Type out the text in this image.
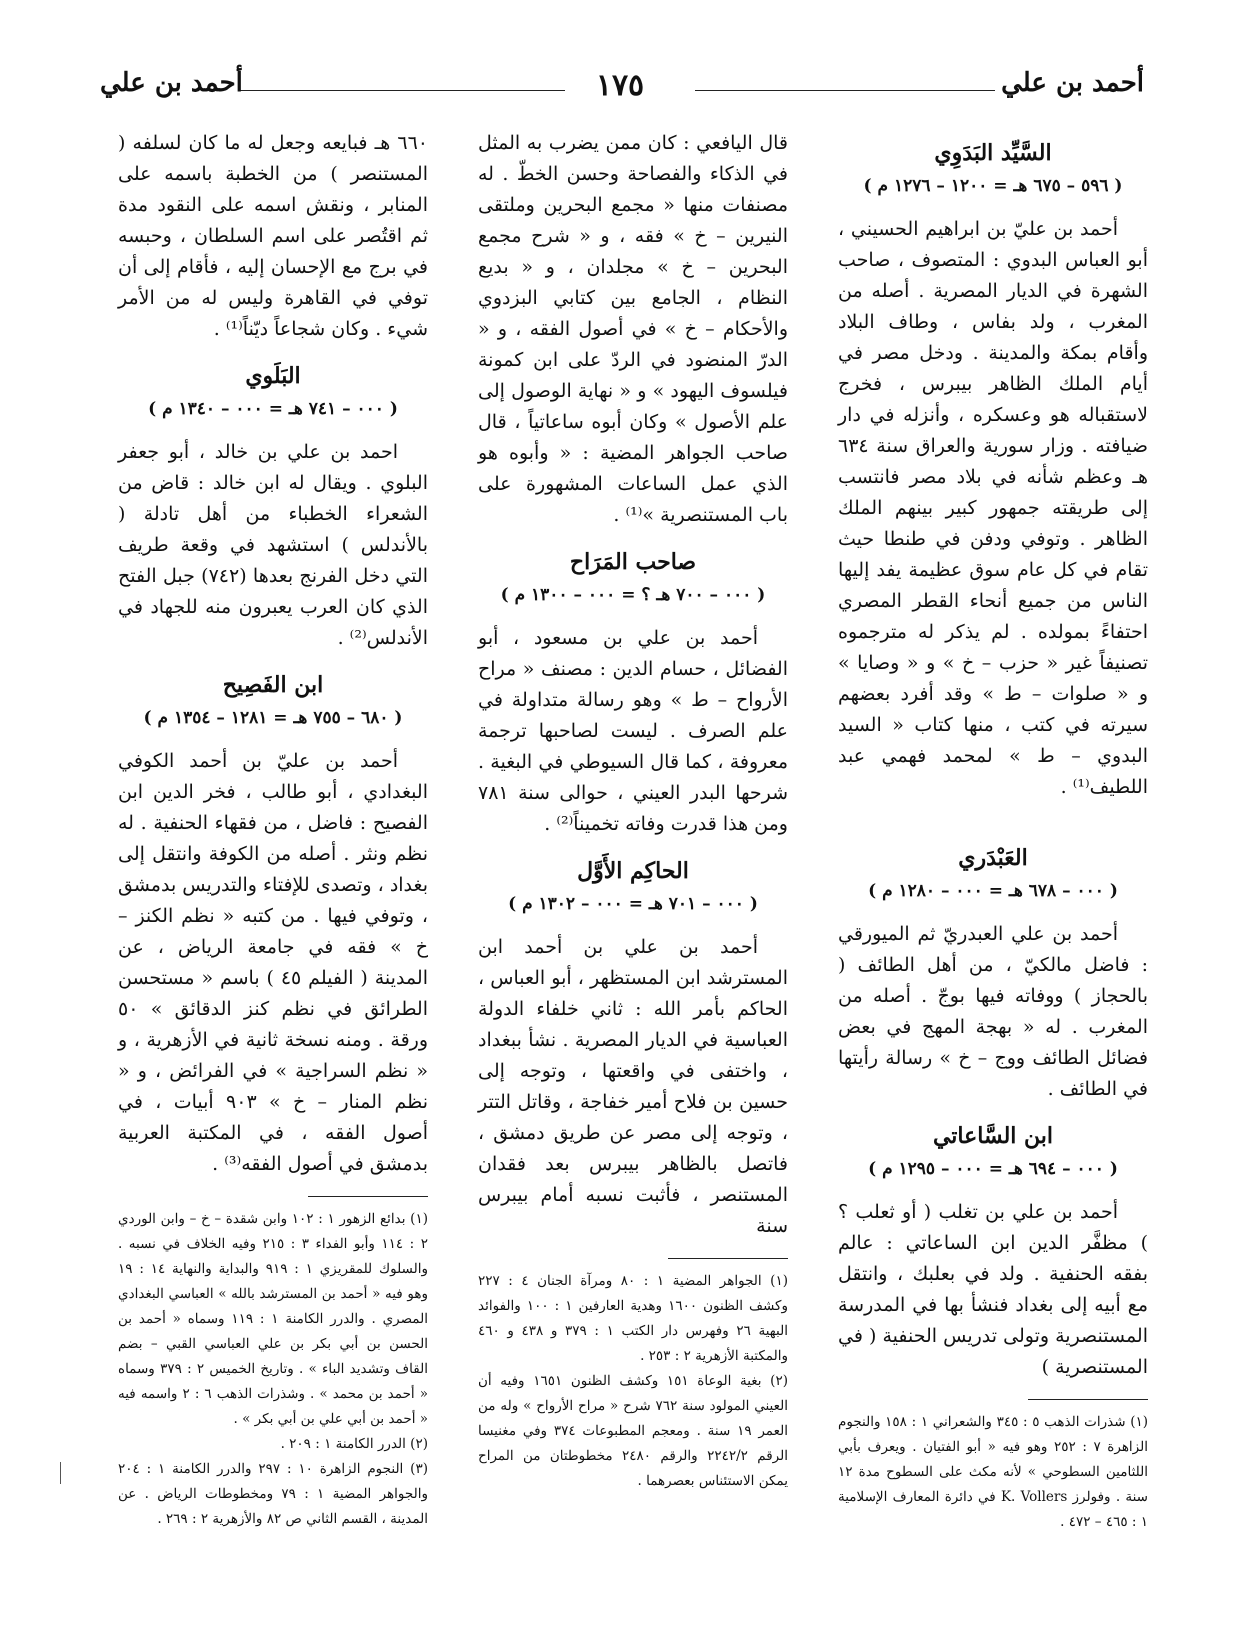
أحمد بن علي
١٧٥
أحمد بن علي
السَّيِّد البَدَوِي
( ٥٩٦ – ٦٧٥ هـ = ١٢٠٠ – ١٢٧٦ م )

أحمد بن عليّ بن ابراهيم الحسيني ، أبو العباس البدوي : المتصوف ، صاحب الشهرة في الديار المصرية . أصله من المغرب ، ولد بفاس ، وطاف البلاد وأقام بمكة والمدينة . ودخل مصر في أيام الملك الظاهر بيبرس ، فخرج لاستقباله هو وعسكره ، وأنزله في دار ضيافته . وزار سورية والعراق سنة ٦٣٤ هـ وعظم شأنه في بلاد مصر فانتسب إلى طريقته جمهور كبير بينهم الملك الظاهر . وتوفي ودفن في طنطا حيث تقام في كل عام سوق عظيمة يفد إليها الناس من جميع أنحاء القطر المصري احتفاءً بمولده . لم يذكر له مترجموه تصنيفاً غير « حزب – خ » و « وصايا » و « صلوات – ط » وقد أفرد بعضهم سيرته في كتب ، منها كتاب « السيد البدوي – ط » لمحمد فهمي عبد اللطيف⁽¹⁾ .

العَبْدَري
( ٠٠٠ – ٦٧٨ هـ = ٠٠٠ – ١٢٨٠ م )

أحمد بن علي العبدريّ ثم الميورقي : فاضل مالكيّ ، من أهل الطائف ( بالحجاز ) ووفاته فيها بوجّ . أصله من المغرب . له « بهجة المهج في بعض فضائل الطائف ووج – خ » رسالة رأيتها في الطائف .

ابن السَّاعاتي
( ٠٠٠ – ٦٩٤ هـ = ٠٠٠ – ١٢٩٥ م )

أحمد بن علي بن تغلب ( أو ثعلب ؟ ) مظفَّر الدين ابن الساعاتي : عالم بفقه الحنفية . ولد في بعلبك ، وانتقل مع أبيه إلى بغداد فنشأ بها في المدرسة المستنصرية وتولى تدريس الحنفية ( في المستنصرية )

(١) شذرات الذهب ٥ : ٣٤٥ والشعراني ١ : ١٥٨ والنجوم الزاهرة ٧ : ٢٥٢ وهو فيه « أبو الفتيان . ويعرف بأبي اللثامين السطوحي » لأنه مكث على السطوح مدة ١٢ سنة . وفولرز K. Vollers في دائرة المعارف الإسلامية ١ : ٤٦٥ – ٤٧٢ .

قال اليافعي : كان ممن يضرب به المثل في الذكاء والفصاحة وحسن الخطّ . له مصنفات منها « مجمع البحرين وملتقى النيرين – خ » فقه ، و « شرح مجمع البحرين – خ » مجلدان ، و « بديع النظام ، الجامع بين كتابي البزدوي والأحكام – خ » في أصول الفقه ، و « الدرّ المنضود في الردّ على ابن كمونة فيلسوف اليهود » و « نهاية الوصول إلى علم الأصول » وكان أبوه ساعاتياً ، قال صاحب الجواهر المضية : « وأبوه هو الذي عمل الساعات المشهورة على باب المستنصرية »⁽¹⁾ .

صاحب المَرَاح
( ٠٠٠ – ٧٠٠ هـ ؟ = ٠٠٠ – ١٣٠٠ م )

أحمد بن علي بن مسعود ، أبو الفضائل ، حسام الدين : مصنف « مراح الأرواح – ط » وهو رسالة متداولة في علم الصرف . ليست لصاحبها ترجمة معروفة ، كما قال السيوطي في البغية . شرحها البدر العيني ، حوالى سنة ٧٨١ ومن هذا قدرت وفاته تخميناً⁽²⁾ .

الحاكِم الأَوَّل
( ٠٠٠ – ٧٠١ هـ = ٠٠٠ – ١٣٠٢ م )

أحمد بن علي بن أحمد ابن المسترشد ابن المستظهر ، أبو العباس ، الحاكم بأمر الله : ثاني خلفاء الدولة العباسية في الديار المصرية . نشأ ببغداد ، واختفى في واقعتها ، وتوجه إلى حسين بن فلاح أمير خفاجة ، وقاتل التتر ، وتوجه إلى مصر عن طريق دمشق ، فاتصل بالظاهر بيبرس بعد فقدان المستنصر ، فأثبت نسبه أمام بيبرس سنة

(١) الجواهر المضية ١ : ٨٠ ومرآة الجنان ٤ : ٢٢٧ وكشف الظنون ١٦٠٠ وهدية العارفين ١ : ١٠٠ والفوائد البهية ٢٦ وفهرس دار الكتب ١ : ٣٧٩ و ٤٣٨ و ٤٦٠ والمكتبة الأزهرية ٢ : ٢٥٣ .

(٢) بغية الوعاة ١٥١ وكشف الظنون ١٦٥١ وفيه أن العيني المولود سنة ٧٦٢ شرح « مراح الأرواح » وله من العمر ١٩ سنة . ومعجم المطبوعات ٣٧٤ وفي مغنيسا الرقم ٢٢٤٢/٢ والرقم ٢٤٨٠ مخطوطتان من المراح يمكن الاستئناس بعصرهما .

٦٦٠ هـ فبايعه وجعل له ما كان لسلفه ( المستنصر ) من الخطبة باسمه على المنابر ، ونقش اسمه على النقود مدة ثم اقتُصر على اسم السلطان ، وحبسه في برج مع الإحسان إليه ، فأقام إلى أن توفي في القاهرة وليس له من الأمر شيء . وكان شجاعاً ديّناً⁽¹⁾ .

البَلَوي
( ٠٠٠ – ٧٤١ هـ = ٠٠٠ – ١٣٤٠ م )

احمد بن علي بن خالد ، أبو جعفر البلوي . ويقال له ابن خالد : قاض من الشعراء الخطباء من أهل تادلة ( بالأندلس ) استشهد في وقعة طريف التي دخل الفرنج بعدها (٧٤٢) جبل الفتح الذي كان العرب يعبرون منه للجهاد في الأندلس⁽²⁾ .

ابن الفَصِيح
( ٦٨٠ – ٧٥٥ هـ = ١٢٨١ – ١٣٥٤ م )

أحمد بن عليّ بن أحمد الكوفي البغدادي ، أبو طالب ، فخر الدين ابن الفصيح : فاضل ، من فقهاء الحنفية . له نظم ونثر . أصله من الكوفة وانتقل إلى بغداد ، وتصدى للإفتاء والتدريس بدمشق ، وتوفي فيها . من كتبه « نظم الكنز – خ » فقه في جامعة الرياض ، عن المدينة ( الفيلم ٤٥ ) باسم « مستحسن الطرائق في نظم كنز الدقائق » ٥٠ ورقة . ومنه نسخة ثانية في الأزهرية ، و « نظم السراجية » في الفرائض ، و « نظم المنار – خ » ٩٠٣ أبيات ، في أصول الفقه ، في المكتبة العربية بدمشق في أصول الفقه⁽³⁾ .

(١) بدائع الزهور ١ : ١٠٢ وابن شقدة – خ – وابن الوردي ٢ : ١١٤ وأبو الفداء ٣ : ٢١٥ وفيه الخلاف في نسبه . والسلوك للمقريزي ١ : ٩١٩ والبداية والنهاية ١٤ : ١٩ وهو فيه « أحمد بن المسترشد بالله » العباسي البغدادي المصري . والدرر الكامنة ١ : ١١٩ وسماه « أحمد بن الحسن بن أبي بكر بن علي العباسي القبي – بضم القاف وتشديد الباء » . وتاريخ الخميس ٢ : ٣٧٩ وسماه « أحمد بن محمد » . وشذرات الذهب ٦ : ٢ واسمه فيه « أحمد بن أبي علي بن أبي بكر » .

(٢) الدرر الكامنة ١ : ٢٠٩ .

(٣) النجوم الزاهرة ١٠ : ٢٩٧ والدرر الكامنة ١ : ٢٠٤ والجواهر المضية ١ : ٧٩ ومخطوطات الرياض . عن المدينة ، القسم الثاني ص ٨٢ والأزهرية ٢ : ٢٦٩ .
